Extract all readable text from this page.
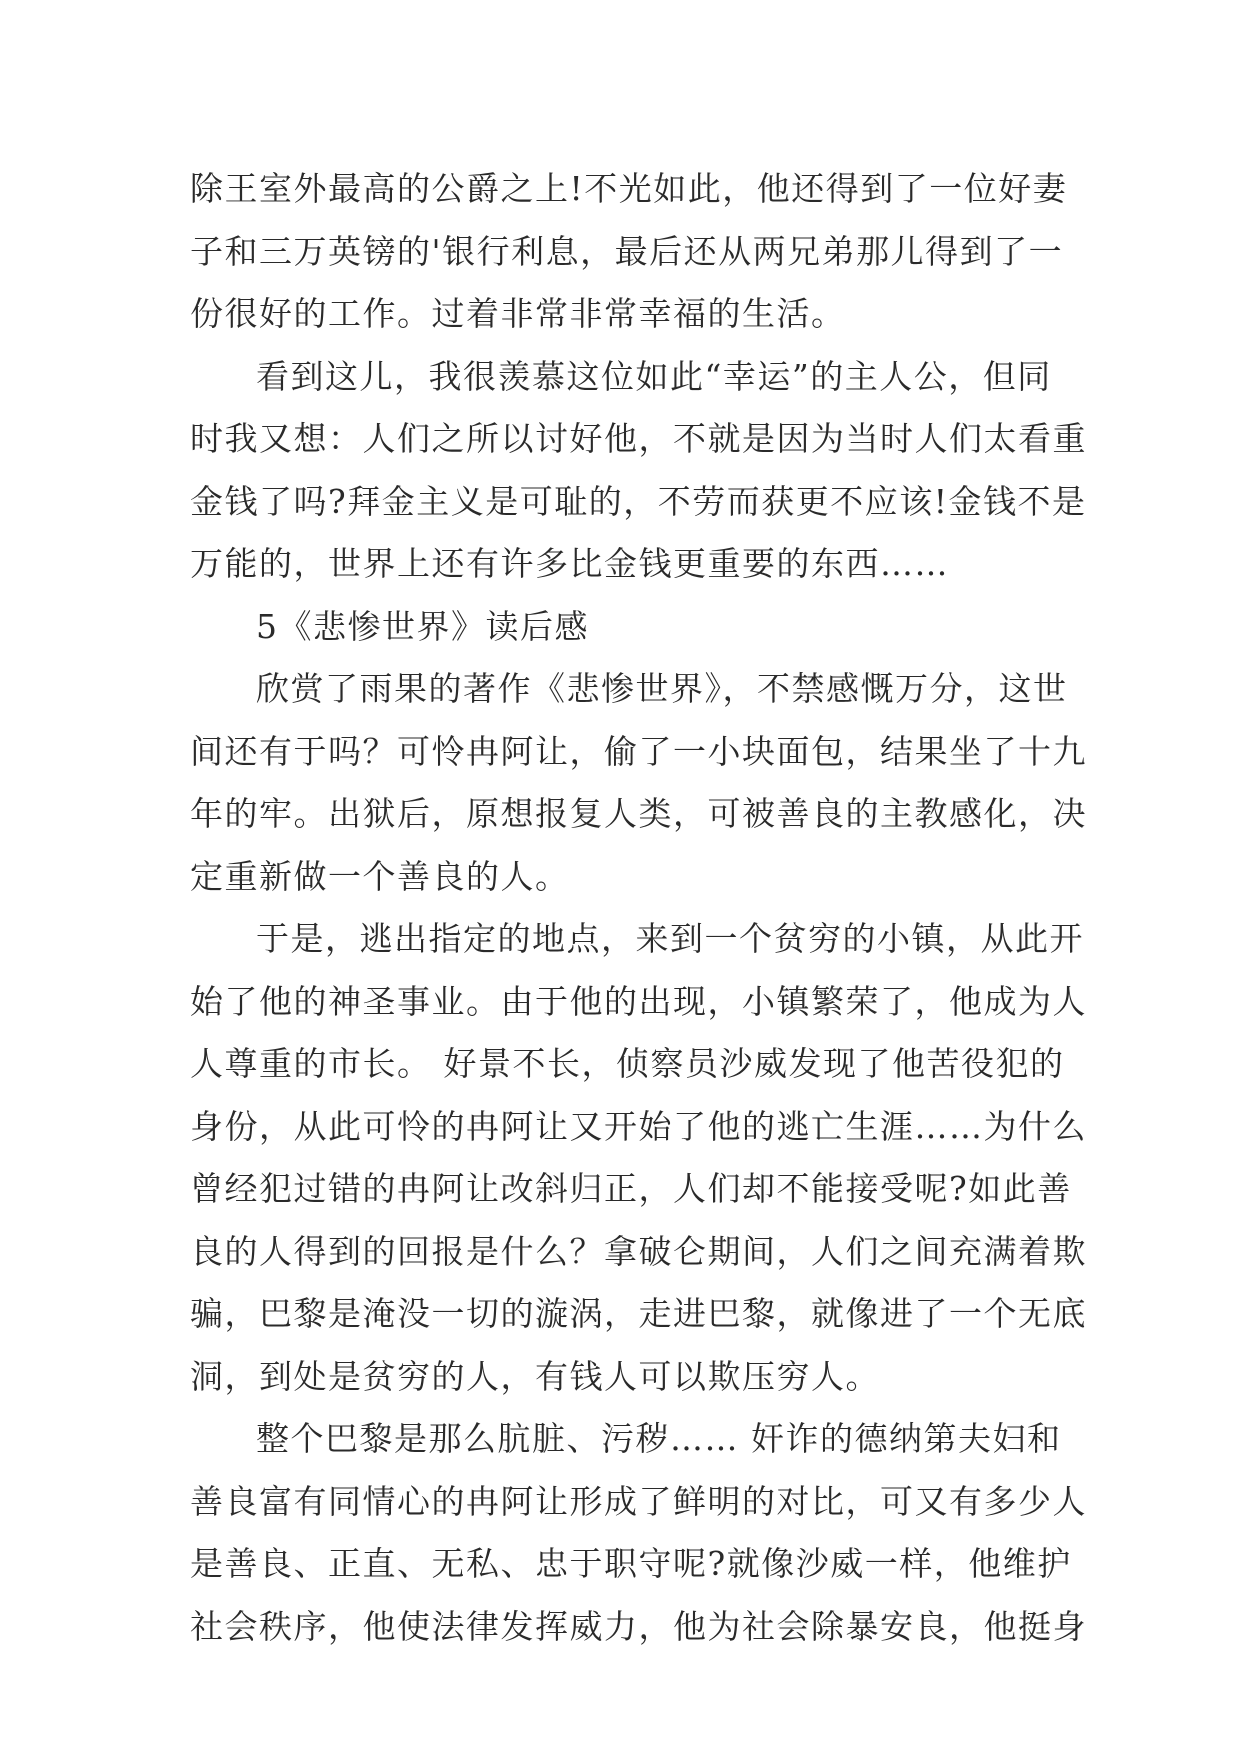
除王室外最高的公爵之上!不光如此，他还得到了一位好妻
子和三万英镑的'银行利息，最后还从两兄弟那儿得到了一
份很好的工作。过着非常非常幸福的生活。
看到这儿，我很羡慕这位如此“幸运”的主人公，但同
时我又想：人们之所以讨好他，不就是因为当时人们太看重
金钱了吗?拜金主义是可耻的，不劳而获更不应该!金钱不是
万能的，世界上还有许多比金钱更重要的东西……
5《悲惨世界》读后感
欣赏了雨果的著作《悲惨世界》，不禁感慨万分，这世
间还有于吗？可怜冉阿让，偷了一小块面包，结果坐了十九
年的牢。出狱后，原想报复人类，可被善良的主教感化，决
定重新做一个善良的人。
于是，逃出指定的地点，来到一个贫穷的小镇，从此开
始了他的神圣事业。由于他的出现，小镇繁荣了，他成为人
人尊重的市长。 好景不长，侦察员沙威发现了他苦役犯的
身份，从此可怜的冉阿让又开始了他的逃亡生涯……为什么
曾经犯过错的冉阿让改斜归正，人们却不能接受呢?如此善
良的人得到的回报是什么？拿破仑期间，人们之间充满着欺
骗，巴黎是淹没一切的漩涡，走进巴黎，就像进了一个无底
洞，到处是贫穷的人，有钱人可以欺压穷人。
整个巴黎是那么肮脏、污秽…… 奸诈的德纳第夫妇和
善良富有同情心的冉阿让形成了鲜明的对比，可又有多少人
是善良、正直、无私、忠于职守呢?就像沙威一样，他维护
社会秩序，他使法律发挥威力，他为社会除暴安良，他挺身
